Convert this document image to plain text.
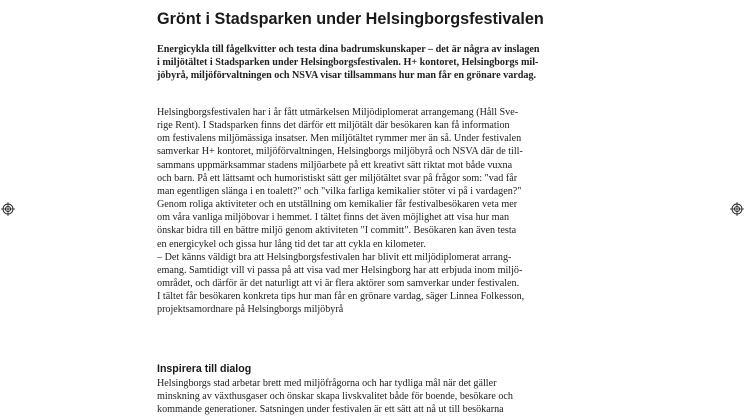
Grönt i Stadsparken under Helsingborgsfestivalen

Energicykla till fågelkvitter och testa dina badrumskunskaper – det är några av inslagen
i miljötältet i Stadsparken under Helsingborgsfestivalen. H+ kontoret, Helsingborgs mil-
jöbyrå, miljöförvaltningen och NSVA visar tillsammans hur man får en grönare vardag.

Helsingborgsfestivalen har i år fått utmärkelsen Miljödiplomerat arrangemang (Håll Sve-
rige Rent). I Stadsparken finns det därför ett miljötält där besökaren kan få information
om festivalens miljömässiga insatser. Men miljötältet rymmer mer än så. Under festivalen
samverkar H+ kontoret, miljöförvaltningen, Helsingborgs miljöbyrå och NSVA där de till-
sammans uppmärksammar stadens miljöarbete på ett kreativt sätt riktat mot både vuxna
och barn. På ett lättsamt och humoristiskt sätt ger miljötältet svar på frågor som: "vad får
man egentligen slänga i en toalett?" och "vilka farliga kemikalier stöter vi på i vardagen?"
Genom roliga aktiviteter och en utställning om kemikalier får festivalbesökaren veta mer
om våra vanliga miljöbovar i hemmet. I tältet finns det även möjlighet att visa hur man
önskar bidra till en bättre miljö genom aktiviteten "I committ". Besökaren kan även testa
en energicykel och gissa hur lång tid det tar att cykla en kilometer.
– Det känns väldigt bra att Helsingborgsfestivalen har blivit ett miljödiplomerat arrang-
emang. Samtidigt vill vi passa på att visa vad mer Helsingborg har att erbjuda inom miljö-
området, och därför är det naturligt att vi är flera aktörer som samverkar under festivalen.
I tältet får besökaren konkreta tips hur man får en grönare vardag, säger Linnea Folkesson,
projektsamordnare på Helsingborgs miljöbyrå

Inspirera till dialog

Helsingborgs stad arbetar brett med miljöfrågorna och har tydliga mål när det gäller
minskning av växthusgaser och önskar skapa livskvalitet både för boende, besökare och
kommande generationer. Satsningen under festivalen är ett sätt att nå ut till besökarna
